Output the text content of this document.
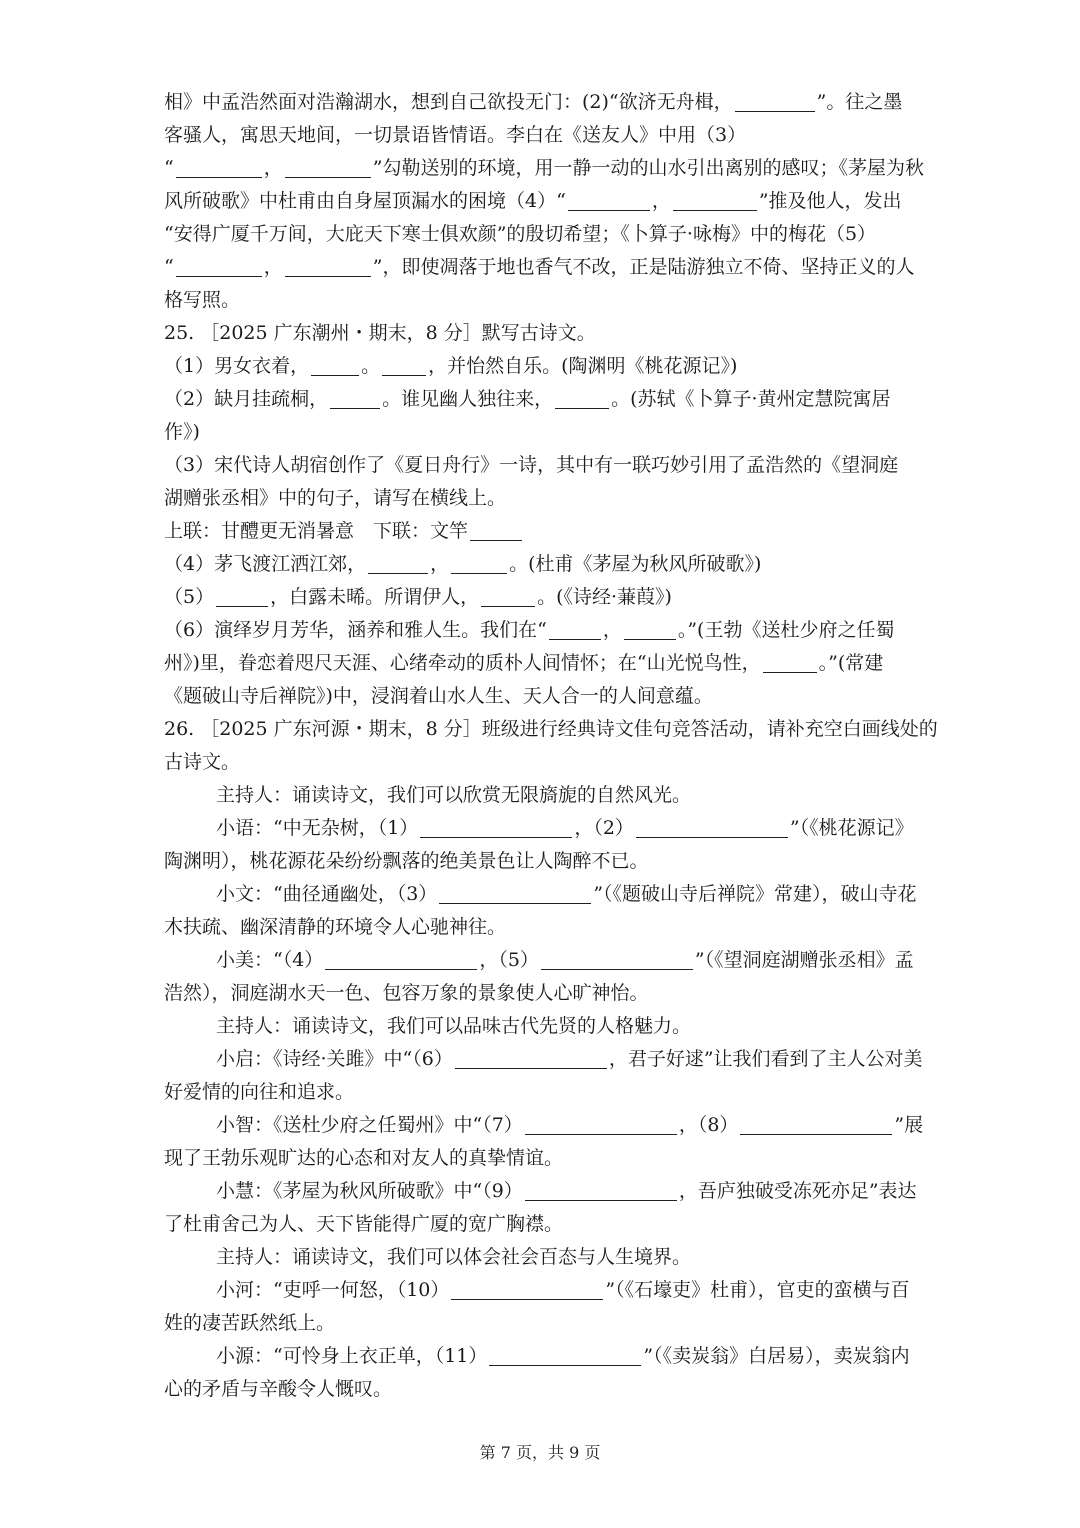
相》中孟浩然面对浩瀚湖水，想到自己欲投无门：(2)“欲济无舟楫，	”。往之墨
客骚人，寓思天地间，一切景语皆情语。李白在《送友人》中用（3）
“	，	”勾勒送别的环境，用一静一动的山水引出离别的感叹；《茅屋为秋
风所破歌》中杜甫由自身屋顶漏水的困境（4）“	，	”推及他人，发出
“安得广厦千万间，大庇天下寒士俱欢颜”的殷切希望；《卜算子·咏梅》中的梅花（5）
“	，	”，即使凋落于地也香气不改，正是陆游独立不倚、坚持正义的人
格写照。
25. ［2025 广东潮州・期末，8 分］默写古诗文。
（1）男女衣着，	。	，并怡然自乐。(陶渊明《桃花源记》)
（2）缺月挂疏桐，	。谁见幽人独往来，	。(苏轼《卜算子·黄州定慧院寓居
作》)
（3）宋代诗人胡宿创作了《夏日舟行》一诗，其中有一联巧妙引用了孟浩然的《望洞庭
湖赠张丞相》中的句子，请写在横线上。
上联：甘醴更无消暑意　下联：文竿
（4）茅飞渡江洒江郊，	，	。(杜甫《茅屋为秋风所破歌》)
（5）	，白露未晞。所谓伊人，	。(《诗经·蒹葭》)
（6）演绎岁月芳华，涵养和雅人生。我们在“	，	。”(王勃《送杜少府之任蜀
州》)里，眷恋着咫尺天涯、心绪牵动的质朴人间情怀；在“山光悦鸟性，	。”(常建
《题破山寺后禅院》)中，浸润着山水人生、天人合一的人间意蕴。
26. ［2025 广东河源・期末，8 分］班级进行经典诗文佳句竞答活动，请补充空白画线处的
古诗文。
主持人：诵读诗文，我们可以欣赏无限旖旎的自然风光。
小语：“中无杂树，（1）	，（2）	”（《桃花源记》
陶渊明），桃花源花朵纷纷飘落的绝美景色让人陶醉不已。
小文：“曲径通幽处，（3）	”（《题破山寺后禅院》常建），破山寺花
木扶疏、幽深清静的环境令人心驰神往。
小美：“（4）	，（5）	”（《望洞庭湖赠张丞相》孟
浩然），洞庭湖水天一色、包容万象的景象使人心旷神怡。
主持人：诵读诗文，我们可以品味古代先贤的人格魅力。
小启：《诗经·关雎》中“（6）	，君子好逑”让我们看到了主人公对美
好爱情的向往和追求。
小智：《送杜少府之任蜀州》中“（7）	，（8）	”展
现了王勃乐观旷达的心态和对友人的真挚情谊。
小慧：《茅屋为秋风所破歌》中“（9）	，吾庐独破受冻死亦足”表达
了杜甫舍己为人、天下皆能得广厦的宽广胸襟。
主持人：诵读诗文，我们可以体会社会百态与人生境界。
小河：“吏呼一何怒，（10）	”（《石壕吏》杜甫），官吏的蛮横与百
姓的凄苦跃然纸上。
小源：“可怜身上衣正单，（11）	”（《卖炭翁》白居易），卖炭翁内
心的矛盾与辛酸令人慨叹。
第 7 页，共 9 页
